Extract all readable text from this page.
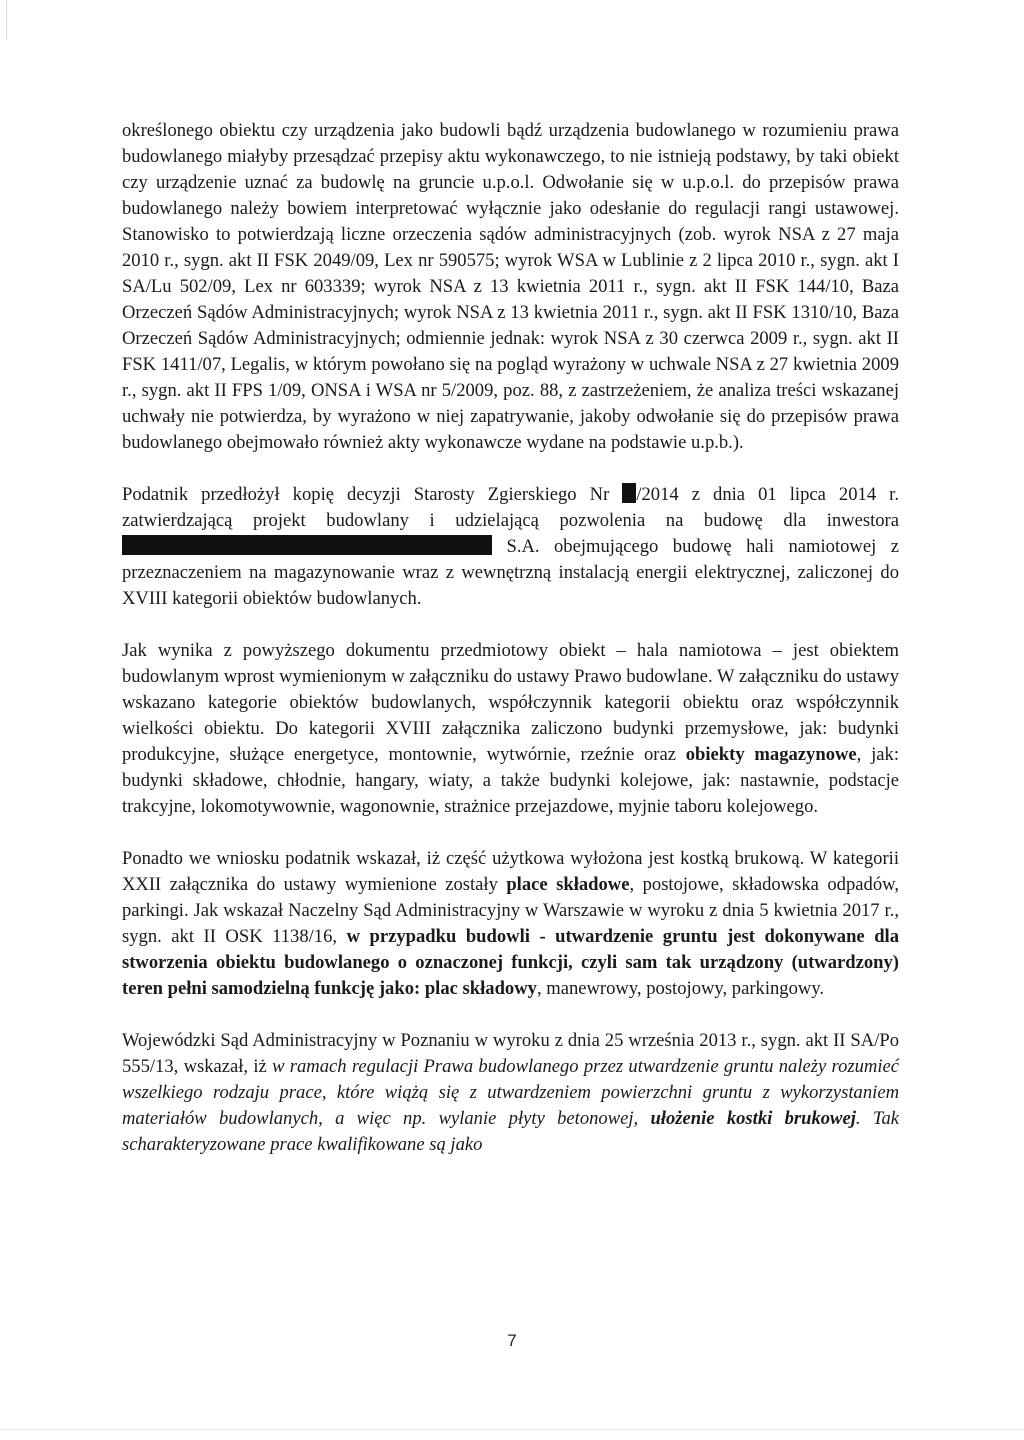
określonego obiektu czy urządzenia jako budowli bądź urządzenia budowlanego w rozumieniu prawa budowlanego miałyby przesądzać przepisy aktu wykonawczego, to nie istnieją podstawy, by taki obiekt czy urządzenie uznać za budowlę na gruncie u.p.o.l. Odwołanie się w u.p.o.l. do przepisów prawa budowlanego należy bowiem interpretować wyłącznie jako odesłanie do regulacji rangi ustawowej. Stanowisko to potwierdzają liczne orzeczenia sądów administracyjnych (zob. wyrok NSA z 27 maja 2010 r., sygn. akt II FSK 2049/09, Lex nr 590575; wyrok WSA w Lublinie z 2 lipca 2010 r., sygn. akt I SA/Lu 502/09, Lex nr 603339; wyrok NSA z 13 kwietnia 2011 r., sygn. akt II FSK 144/10, Baza Orzeczeń Sądów Administracyjnych; wyrok NSA z 13 kwietnia 2011 r., sygn. akt II FSK 1310/10, Baza Orzeczeń Sądów Administracyjnych; odmiennie jednak: wyrok NSA z 30 czerwca 2009 r., sygn. akt II FSK 1411/07, Legalis, w którym powołano się na pogląd wyrażony w uchwale NSA z 27 kwietnia 2009 r., sygn. akt II FPS 1/09, ONSA i WSA nr 5/2009, poz. 88, z zastrzeżeniem, że analiza treści wskazanej uchwały nie potwierdza, by wyrażono w niej zapatrywanie, jakoby odwołanie się do przepisów prawa budowlanego obejmowało również akty wykonawcze wydane na podstawie u.p.b.).

Podatnik przedłożył kopię decyzji Starosty Zgierskiego Nr /2014 z dnia 01 lipca 2014 r. zatwierdzającą projekt budowlany i udzielającą pozwolenia na budowę dla inwestora  S.A. obejmującego budowę hali namiotowej z przeznaczeniem na magazynowanie wraz z wewnętrzną instalacją energii elektrycznej, zaliczonej do XVIII kategorii obiektów budowlanych.

Jak wynika z powyższego dokumentu przedmiotowy obiekt – hala namiotowa – jest obiektem budowlanym wprost wymienionym w załączniku do ustawy Prawo budowlane. W załączniku do ustawy wskazano kategorie obiektów budowlanych, współczynnik kategorii obiektu oraz współczynnik wielkości obiektu. Do kategorii XVIII załącznika zaliczono budynki przemysłowe, jak: budynki produkcyjne, służące energetyce, montownie, wytwórnie, rzeźnie oraz obiekty magazynowe, jak: budynki składowe, chłodnie, hangary, wiaty, a także budynki kolejowe, jak: nastawnie, podstacje trakcyjne, lokomotywownie, wagonownie, strażnice przejazdowe, myjnie taboru kolejowego.

Ponadto we wniosku podatnik wskazał, iż część użytkowa wyłożona jest kostką brukową. W kategorii XXII załącznika do ustawy wymienione zostały place składowe, postojowe, składowska odpadów, parkingi. Jak wskazał Naczelny Sąd Administracyjny w Warszawie w wyroku z dnia 5 kwietnia 2017 r., sygn. akt II OSK 1138/16, w przypadku budowli - utwardzenie gruntu jest dokonywane dla stworzenia obiektu budowlanego o oznaczonej funkcji, czyli sam tak urządzony (utwardzony) teren pełni samodzielną funkcję jako: plac składowy, manewrowy, postojowy, parkingowy.

Wojewódzki Sąd Administracyjny w Poznaniu w wyroku z dnia 25 września 2013 r., sygn. akt II SA/Po 555/13, wskazał, iż w ramach regulacji Prawa budowlanego przez utwardzenie gruntu należy rozumieć wszelkiego rodzaju prace, które wiążą się z utwardzeniem powierzchni gruntu z wykorzystaniem materiałów budowlanych, a więc np. wylanie płyty betonowej, ułożenie kostki brukowej. Tak scharakteryzowane prace kwalifikowane są jako

7
